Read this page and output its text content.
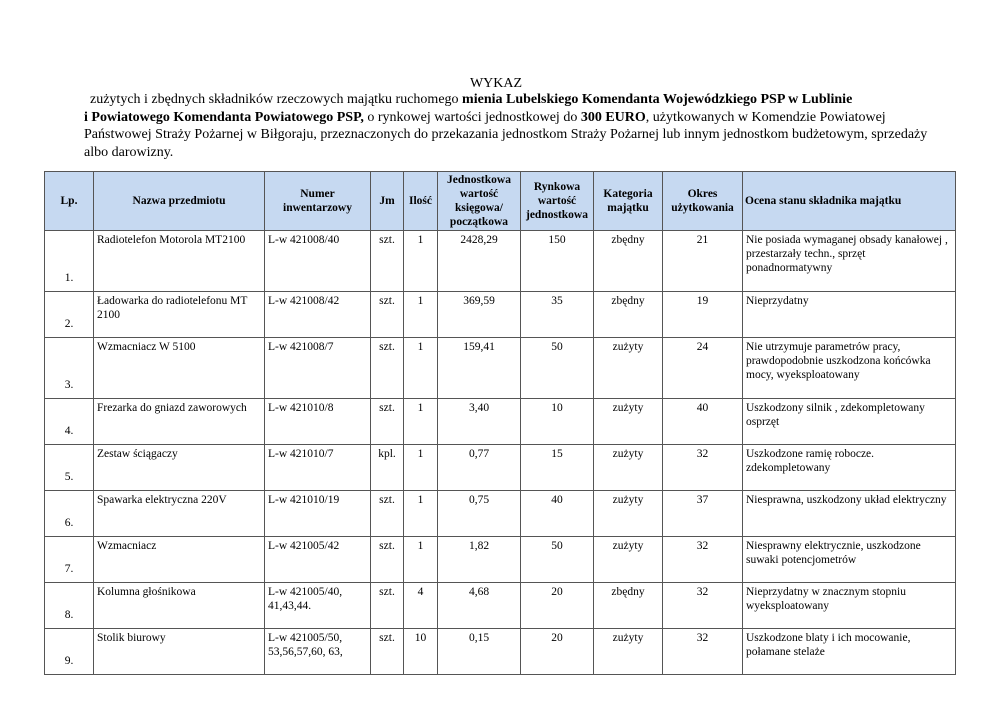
WYKAZ
zużytych i zbędnych składników rzeczowych majątku ruchomego mienia Lubelskiego Komendanta Wojewódzkiego PSP w Lublinie
i Powiatowego Komendanta Powiatowego PSP, o rynkowej wartości jednostkowej do 300 EURO, użytkowanych w Komendzie Powiatowej Państwowej Straży Pożarnej w Biłgoraju, przeznaczonych do przekazania jednostkom Straży Pożarnej lub innym jednostkom budżetowym, sprzedaży albo darowizny.
Lp.	Nazwa przedmiotu	Numer inwentarzowy	Jm	Ilość	Jednostkowa wartość księgowa/ początkowa	Rynkowa wartość jednostkowa	Kategoria majątku	Okres użytkowania	Ocena stanu składnika majątku
1.	Radiotelefon Motorola MT2100	L-w 421008/40	szt.	1	2428,29	150	zbędny	21	Nie posiada wymaganej obsady kanałowej , przestarzały techn., sprzęt ponadnormatywny
2.	Ładowarka do radiotelefonu MT 2100	L-w 421008/42	szt.	1	369,59	35	zbędny	19	Nieprzydatny
3.	Wzmacniacz W 5100	L-w 421008/7	szt.	1	159,41	50	zużyty	24	Nie utrzymuje parametrów pracy, prawdopodobnie uszkodzona końcówka mocy, wyeksploatowany
4.	Frezarka do gniazd zaworowych	L-w 421010/8	szt.	1	3,40	10	zużyty	40	Uszkodzony silnik , zdekompletowany osprzęt
5.	Zestaw ściągaczy	L-w 421010/7	kpl.	1	0,77	15	zużyty	32	Uszkodzone ramię robocze. zdekompletowany
6.	Spawarka elektryczna 220V	L-w 421010/19	szt.	1	0,75	40	zużyty	37	Niesprawna, uszkodzony układ elektryczny
7.	Wzmacniacz	L-w 421005/42	szt.	1	1,82	50	zużyty	32	Niesprawny elektrycznie, uszkodzone suwaki potencjometrów
8.	Kolumna głośnikowa	L-w 421005/40, 41,43,44.	szt.	4	4,68	20	zbędny	32	Nieprzydatny w znacznym stopniu wyeksploatowany
9.	Stolik biurowy	L-w 421005/50, 53,56,57,60, 63,	szt.	10	0,15	20	zużyty	32	Uszkodzone blaty i ich mocowanie, połamane stelaże
